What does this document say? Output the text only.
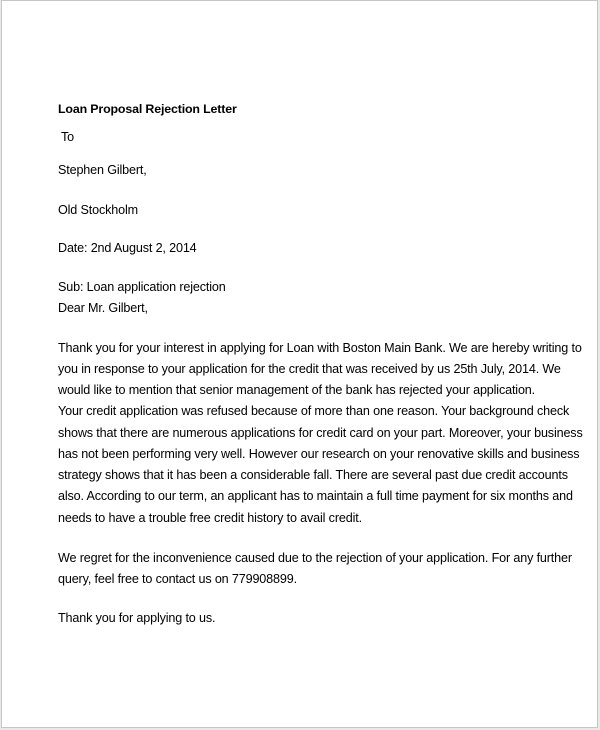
Loan Proposal Rejection Letter
To
Stephen Gilbert,
Old Stockholm
Date: 2nd August 2, 2014
Sub: Loan application rejection
Dear Mr. Gilbert,
Thank you for your interest in applying for Loan with Boston Main Bank. We are hereby writing to
you in response to your application for the credit that was received by us 25th July, 2014. We
would like to mention that senior management of the bank has rejected your application.
Your credit application was refused because of more than one reason. Your background check
shows that there are numerous applications for credit card on your part. Moreover, your business
has not been performing very well. However our research on your renovative skills and business
strategy shows that it has been a considerable fall. There are several past due credit accounts
also. According to our term, an applicant has to maintain a full time payment for six months and
needs to have a trouble free credit history to avail credit.
We regret for the inconvenience caused due to the rejection of your application. For any further
query, feel free to contact us on 779908899.
Thank you for applying to us.
